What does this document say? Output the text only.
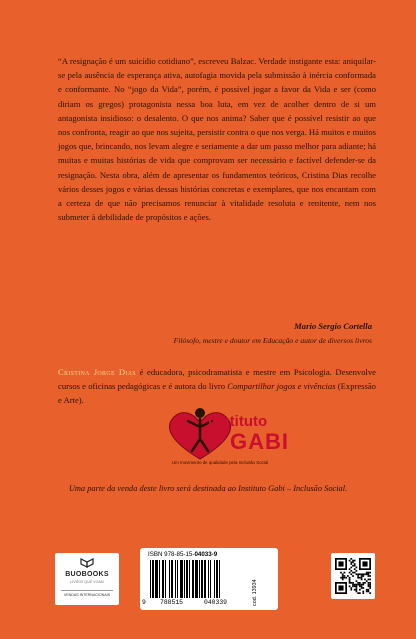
“A resignação é um suicídio cotidiano”, escreveu Balzac. Verdade instigante esta: aniquilar-se pela ausência de esperança ativa, autofagia movida pela submissão à inércia conformada e conformante. No “jogo da Vida”, porém, é possível jogar a favor da Vida e ser (como diriam os gregos) protagonista nessa boa luta, em vez de acolher dentro de si um antagonista insidioso: o desalento. O que nos anima? Saber que é possível resistir ao que nos confronta, reagir ao que nos sujeita, persistir contra o que nos verga. Há muitos e muitos jogos que, brincando, nos levam alegre e seriamente a dar um passo melhor para adiante; há muitas e muitas histórias de vida que comprovam ser necessário e factível defender-se da resignação. Nesta obra, além de apresentar os fundamentos teóricos, Cristina Dias recolhe vários desses jogos e várias dessas histórias concretas e exemplares, que nos encantam com a certeza de que não precisamos renunciar à vitalidade resoluta e renitente, nem nos submeter à debilidade de propósitos e ações.

Mario Sergio Cortella
Filósofo, mestre e doutor em Educação e autor de diversos livros

Cristina Jorge Dias é educadora, psicodramatista e mestre em Psicologia. Desenvolve cursos e oficinas pedagógicas e é autora do livro Compartilhar jogos e vivências (Expressão e Arte).

Instituto
GABI
Um movimento de qualidade pela Inclusão Social
Uma parte da venda deste livro será destinada ao Instituto Gabi – Inclusão Social.
BUOBOOKS
LIVROS QUE VOAM
VENDAS INTERNACIONAIS
ISBN 978-85-15-04033-9
9 788515	040339	cod. 13934
